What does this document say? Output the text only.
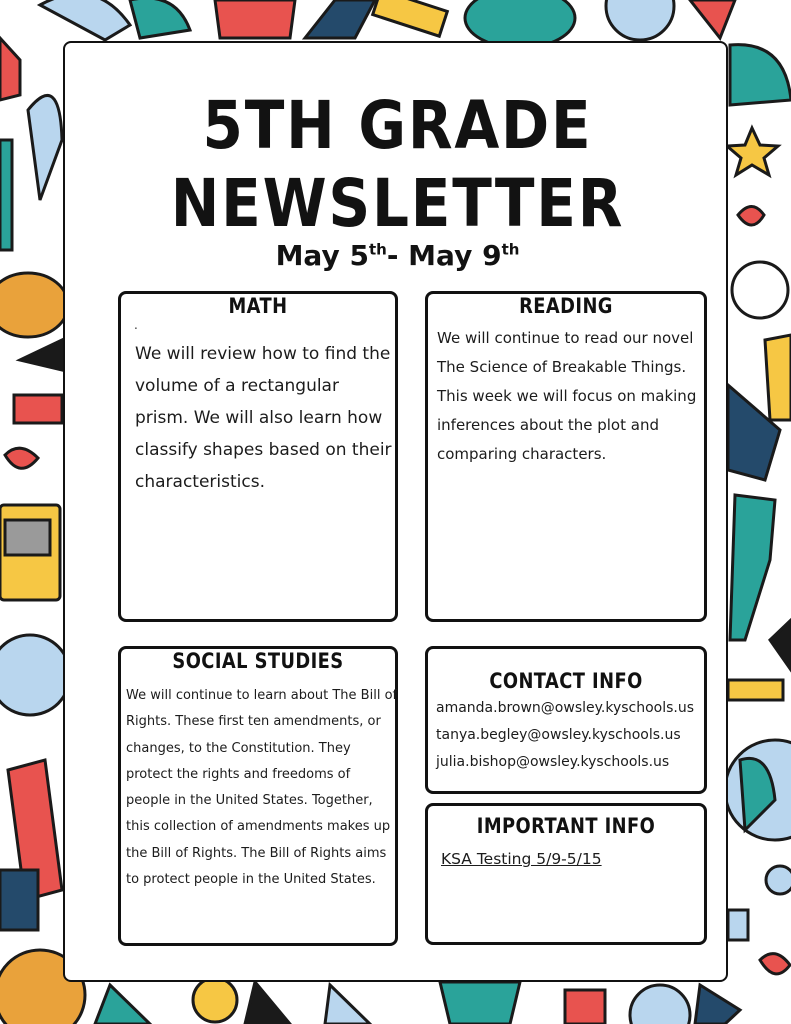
5TH GRADE
NEWSLETTER
May 5th- May 9th
MATH
.
We will review how to find the volume of a rectangular prism. We will also learn how classify shapes based on their characteristics.
READING
We will continue to read our novel
The Science of Breakable Things.
This week we will focus on making
inferences about the plot and
comparing characters.
SOCIAL STUDIES
We will continue to learn about The Bill of Rights. These first ten amendments, or changes, to the Constitution. They protect the rights and freedoms of people in the United States. Together, this collection of amendments makes up the Bill of Rights. The Bill of Rights aims to protect people in the United States.
CONTACT INFO
amanda.brown@owsley.kyschools.us
tanya.begley@owsley.kyschools.us
julia.bishop@owsley.kyschools.us
IMPORTANT INFO
KSA Testing 5/9-5/15
